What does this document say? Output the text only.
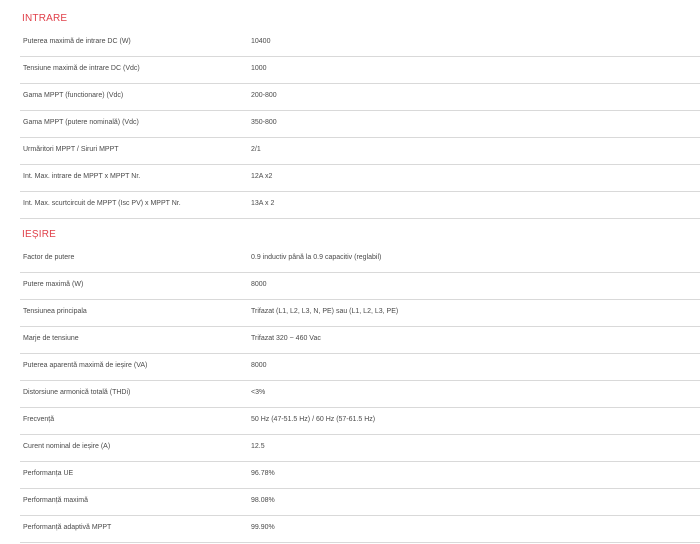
INTRARE
Puterea maximă de intrare DC (W)	10400
Tensiune maximă de intrare DC (Vdc)	1000
Gama MPPT (functionare) (Vdc)	200-800
Gama MPPT (putere nominală) (Vdc)	350-800
Urmăritori MPPT / Siruri MPPT	2/1
Int. Max. intrare de MPPT x MPPT Nr.	12A x2
Int. Max. scurtcircuit de MPPT (Isc PV) x MPPT Nr.	13A x 2
IEȘIRE
Factor de putere	0.9 inductiv până la 0.9 capacitiv (reglabil)
Putere maximă (W)	8000
Tensiunea principala	Trifazat (L1, L2, L3, N, PE) sau (L1, L2, L3, PE)
Marje de tensiune	Trifazat 320 ~ 460 Vac
Puterea aparentă maximă de ieșire (VA)	8000
Distorsiune armonică totală (THDi)	<3%
Frecvență	50 Hz (47-51.5 Hz) / 60 Hz (57-61.5 Hz)
Curent nominal de ieșire (A)	12.5
Performanța UE	96.78%
Performanță maximă	98.08%
Performanță adaptivă MPPT	99.90%
